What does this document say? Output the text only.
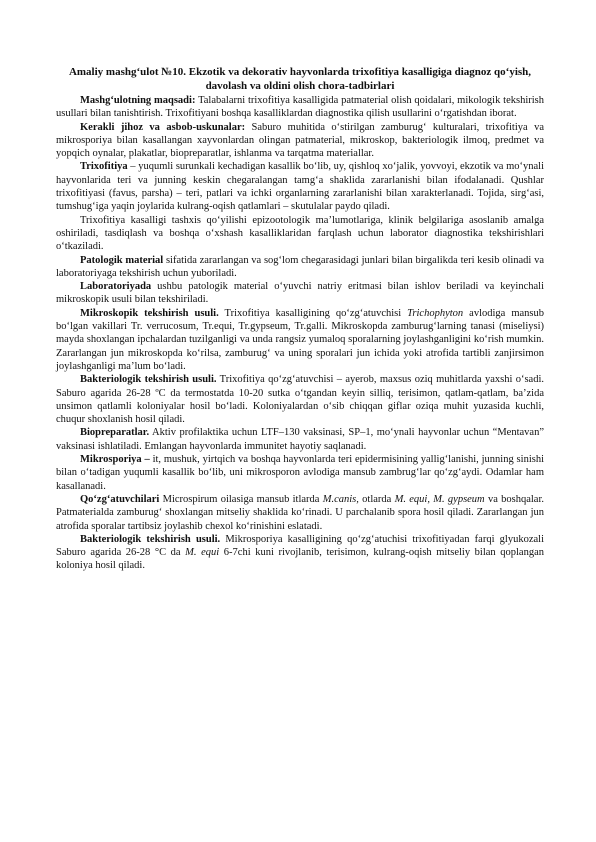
Amaliy mashg‘ulot №10. Ekzotik va dekorativ hayvonlarda trixofitiya kasalligiga diagnoz qo‘yish, davolash va oldini olish chora-tadbirlari

Mashg‘ulotning maqsadi: Talabalarni trixofitiya kasalligida patmaterial olish qoidalari, mikologik tekshirish usullari bilan tanishtirish. Trixofitiyani boshqa kasalliklardan diagnostika qilish usullarini o‘rgatishdan iborat.

Kerakli jihoz va asbob-uskunalar: Saburo muhitida o‘stirilgan zamburug‘ kulturalari, trixofitiya va mikrosporiya bilan kasallangan xayvonlardan olingan patmaterial, mikroskop, bakteriologik ilmoq, predmet va yopqich oynalar, plakatlar, biopreparatlar, ishlanma va tarqatma materiallar.

Trixofitiya – yuqumli surunkali kechadigan kasallik bo‘lib, uy, qishloq xo‘jalik, yovvoyi, ekzotik va mo‘ynali hayvonlarida teri va junning keskin chegaralangan tamg‘a shaklida zararlanishi bilan ifodalanadi. Qushlar trixofitiyasi (favus, parsha) – teri, patlari va ichki organlarning zararlanishi bilan xarakterlanadi. Tojida, sirg‘asi, tumshug‘iga yaqin joylarida kulrang-oqish qatlamlari – skutulalar paydo qiladi.

Trixofitiya kasalligi tashxis qo‘yilishi epizootologik ma’lumotlariga, klinik belgilariga asoslanib amalga oshiriladi, tasdiqlash va boshqa o‘xshash kasalliklaridan farqlash uchun laborator diagnostika tekshirishlari o‘tkaziladi.

Patologik material sifatida zararlangan va sog‘lom chegarasidagi junlari bilan birgalikda teri kesib olinadi va laboratoriyaga tekshirish uchun yuboriladi.

Laboratoriyada ushbu patologik material o‘yuvchi natriy eritmasi bilan ishlov beriladi va keyinchali mikroskopik usuli bilan tekshiriladi.

Mikroskopik tekshirish usuli. Trixofitiya kasalligining qo‘zg‘atuvchisi Trichophyton avlodiga mansub bo‘lgan vakillari Tr. verrucosum, Tr.equi, Tr.gypseum, Tr.galli. Mikroskopda zamburug‘larning tanasi (miseliysi) mayda shoxlangan iрchalardan tuzilganligi va unda rangsiz yumaloq sporalarning joylashganligini ko‘rish mumkin. Zararlangan jun mikroskopda ko‘rilsa, zamburug‘ va uning sporalari jun ichida yoki atrofida tartibli zanjirsimon joylashganligi ma’lum bo‘ladi.

Bakteriologik tekshirish usuli. Trixofitiya qo‘zg‘atuvchisi – ayerob, maxsus oziq muhitlarda yaxshi o‘sadi. Saburo agarida 26-28 ºC da termostatda 10-20 sutka o‘tgandan keyin silliq, terisimon, qatlam-qatlam, ba’zida unsimon qatlamli koloniyalar hosil bo‘ladi. Koloniyalardan o‘sib chiqqan giflar oziqa muhit yuzasida kuchli, chuqur shoxlanish hosil qiladi.

Biopreparatlar. Aktiv profilaktika uchun LTF–130 vaksinasi, SP–1, mo‘ynali hayvonlar uchun “Mentavan” vaksinasi ishlatiladi. Emlangan hayvonlarda immunitet hayotiy saqlanadi.

Mikrosporiya – it, mushuk, yirtqich va boshqa hayvonlarda teri epidermisining yallig‘lanishi, junning sinishi bilan o‘tadigan yuqumli kasallik bo‘lib, uni mikrosporon avlodiga mansub zambrug‘lar qo‘zg‘aydi. Odamlar ham kasallanadi.

Qo‘zg‘atuvchilari Microspirum oilasiga mansub itlarda M.canis, otlarda M. equi, M. gypseum va boshqalar. Patmaterialda zamburug‘ shoxlangan mitseliy shaklida ko‘rinadi. U parchalanib spora hosil qiladi. Zararlangan jun atrofida sporalar tartibsiz joylashib chexol ko‘rinishini eslatadi.

Bakteriologik tekshirish usuli. Mikrosporiya kasalligining qo‘zg‘atuchisi trixofitiyadan farqi glyukozali Saburo agarida 26-28 °C da M. equi 6-7chi kuni rivojlanib, terisimon, kulrang-oqish mitseliy bilan qoplangan koloniya hosil qiladi.
